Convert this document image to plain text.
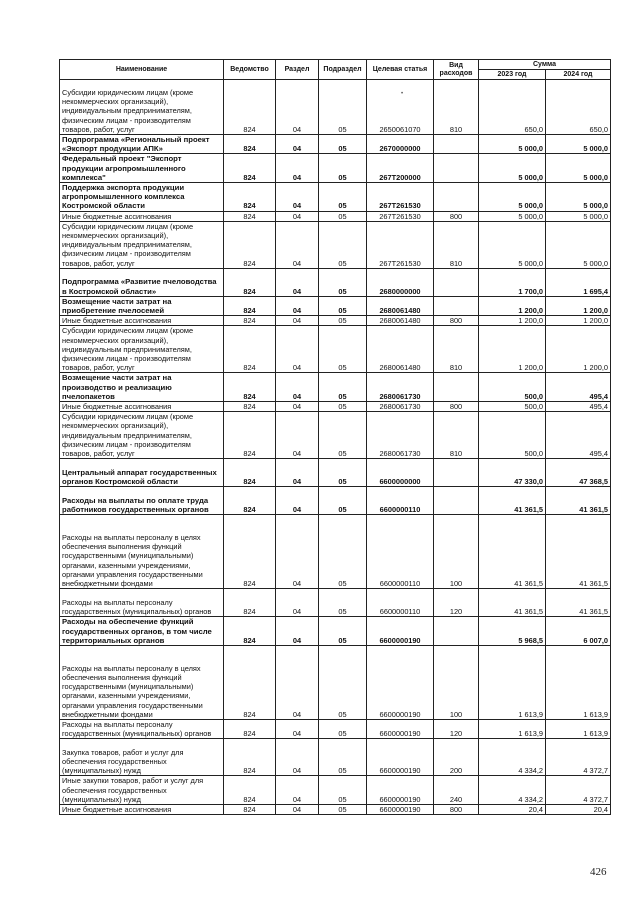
Наименование	Ведомство	Раздел	Подраздел	Целевая статья	Вид расходов	Сумма	
						2023 год	2024 год
Субсидии юридическим лицам (кроме некоммерческих организаций), индивидуальным предпринимателям, физическим лицам - производителям товаров, работ, услуг	824	04	05	2650061070	810	650,0	650,0
Подпрограмма «Региональный проект «Экспорт продукции АПК»	824	04	05	2670000000		5 000,0	5 000,0
Федеральный проект "Экспорт продукции агропромышленного комплекса"	824	04	05	267T200000		5 000,0	5 000,0
Поддержка экспорта продукции агропромышленного комплекса Костромской области	824	04	05	267T261530		5 000,0	5 000,0
Иные бюджетные ассигнования	824	04	05	267T261530	800	5 000,0	5 000,0
Субсидии юридическим лицам (кроме некоммерческих организаций), индивидуальным предпринимателям, физическим лицам - производителям товаров, работ, услуг	824	04	05	267T261530	810	5 000,0	5 000,0
Подпрограмма «Развитие пчеловодства в Костромской области»	824	04	05	2680000000		1 700,0	1 695,4
Возмещение части затрат на приобретение пчелосемей	824	04	05	2680061480		1 200,0	1 200,0
Иные бюджетные ассигнования	824	04	05	2680061480	800	1 200,0	1 200,0
Субсидии юридическим лицам (кроме некоммерческих организаций), индивидуальным предпринимателям, физическим лицам - производителям товаров, работ, услуг	824	04	05	2680061480	810	1 200,0	1 200,0
Возмещение части затрат на производство и реализацию пчелопакетов	824	04	05	2680061730		500,0	495,4
Иные бюджетные ассигнования	824	04	05	2680061730	800	500,0	495,4
Субсидии юридическим лицам (кроме некоммерческих организаций), индивидуальным предпринимателям, физическим лицам - производителям товаров, работ, услуг	824	04	05	2680061730	810	500,0	495,4
Центральный аппарат государственных органов Костромской области	824	04	05	6600000000		47 330,0	47 368,5
Расходы на выплаты по оплате труда работников государственных органов	824	04	05	6600000110		41 361,5	41 361,5
Расходы на выплаты персоналу в целях обеспечения выполнения функций государственными (муниципальными) органами, казенными учреждениями, органами управления государственными внебюджетными фондами	824	04	05	6600000110	100	41 361,5	41 361,5
Расходы на выплаты персоналу государственных (муниципальных) органов	824	04	05	6600000110	120	41 361,5	41 361,5
Расходы на обеспечение функций государственных органов, в том числе территориальных органов	824	04	05	6600000190		5 968,5	6 007,0
Расходы на выплаты персоналу в целях обеспечения выполнения функций государственными (муниципальными) органами, казенными учреждениями, органами управления государственными внебюджетными фондами	824	04	05	6600000190	100	1 613,9	1 613,9
Расходы на выплаты персоналу государственных (муниципальных) органов	824	04	05	6600000190	120	1 613,9	1 613,9
Закупка товаров, работ и услуг для обеспечения государственных (муниципальных) нужд	824	04	05	6600000190	200	4 334,2	4 372,7
Иные закупки товаров, работ и услуг для обеспечения государственных (муниципальных) нужд	824	04	05	6600000190	240	4 334,2	4 372,7
Иные бюджетные ассигнования	824	04	05	6600000190	800	20,4	20,4
•
426
